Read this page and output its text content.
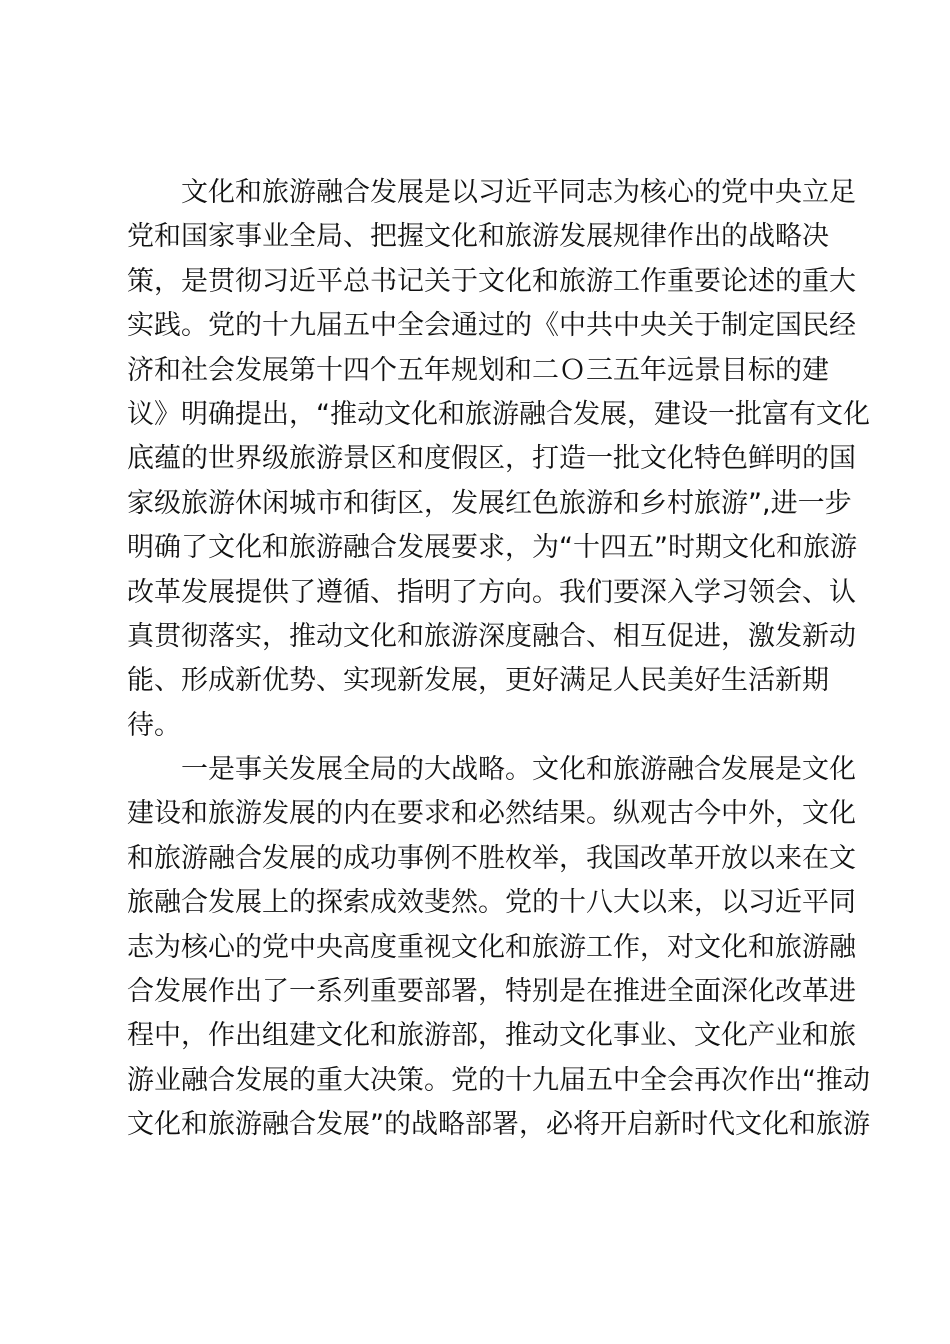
　　文化和旅游融合发展是以习近平同志为核心的党中央立足
党和国家事业全局、把握文化和旅游发展规律作出的战略决
策，是贯彻习近平总书记关于文化和旅游工作重要论述的重大
实践。党的十九届五中全会通过的《中共中央关于制定国民经
济和社会发展第十四个五年规划和二Ｏ三五年远景目标的建
议》明确提出，“推动文化和旅游融合发展，建设一批富有文化
底蕴的世界级旅游景区和度假区，打造一批文化特色鲜明的国
家级旅游休闲城市和街区，发展红色旅游和乡村旅游”,进一步
明确了文化和旅游融合发展要求，为“十四五”时期文化和旅游
改革发展提供了遵循、指明了方向。我们要深入学习领会、认
真贯彻落实，推动文化和旅游深度融合、相互促进，激发新动
能、形成新优势、实现新发展，更好满足人民美好生活新期
待。
　　一是事关发展全局的大战略。文化和旅游融合发展是文化
建设和旅游发展的内在要求和必然结果。纵观古今中外，文化
和旅游融合发展的成功事例不胜枚举，我国改革开放以来在文
旅融合发展上的探索成效斐然。党的十八大以来，以习近平同
志为核心的党中央高度重视文化和旅游工作，对文化和旅游融
合发展作出了一系列重要部署，特别是在推进全面深化改革进
程中，作出组建文化和旅游部，推动文化事业、文化产业和旅
游业融合发展的重大决策。党的十九届五中全会再次作出“推动
文化和旅游融合发展”的战略部署，必将开启新时代文化和旅游
